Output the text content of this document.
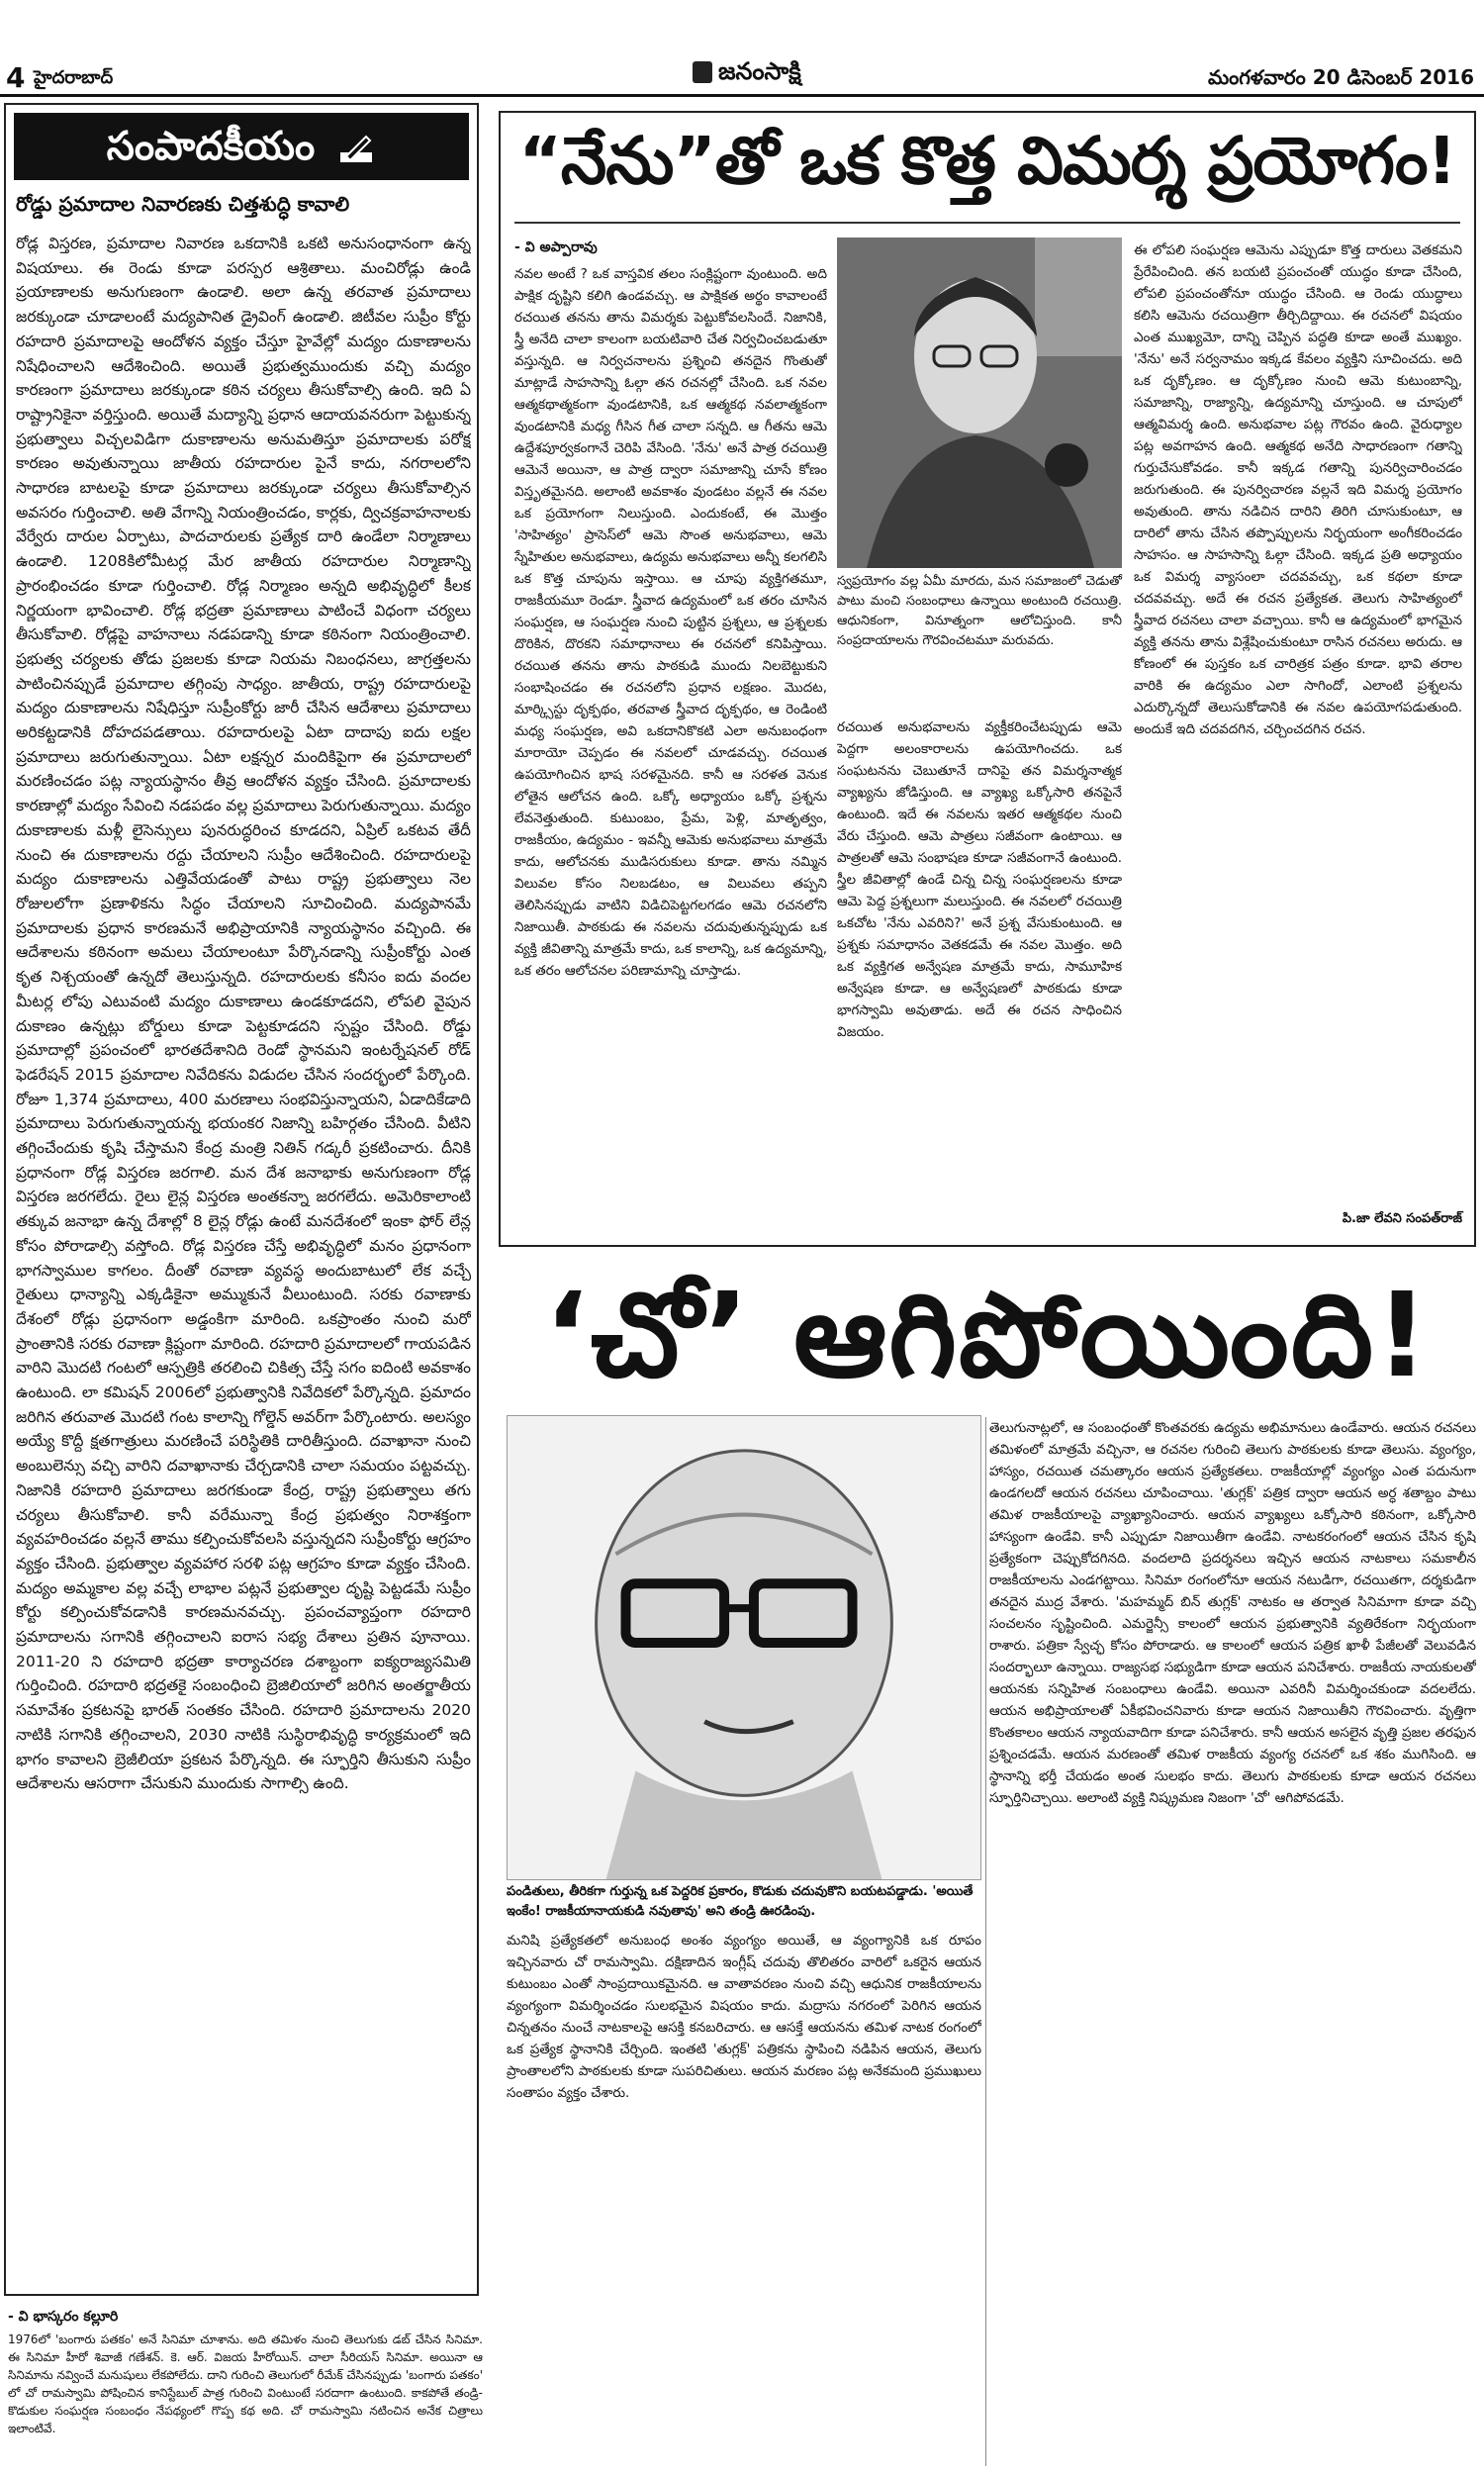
4 హైదరాబాద్	జనంసాక్షి	మంగళవారం 20 డిసెంబర్ 2016
సంపాదకీయం
రోడ్డు ప్రమాదాల నివారణకు చిత్తశుద్ధి కావాలి
రోడ్ల విస్తరణ, ప్రమాదాల నివారణ ఒకదానికి ఒకటి అనుసంధానంగా ఉన్న విషయాలు. ఈ రెండు కూడా పరస్పర ఆశ్రితాలు. మంచిరోడ్లు ఉండి ప్రయాణాలకు అనుగుణంగా ఉండాలి. అలా ఉన్న తరవాత ప్రమాదాలు జరక్కుండా చూడాలంటే మద్యపానిత డ్రైవింగ్ ఉండాలి. జిటీవల సుప్రీం కోర్టు రహదారి ప్రమాదాలపై ఆందోళన వ్యక్తం చేస్తూ హైవేల్లో మద్యం దుకాణాలను నిషేధించాలని ఆదేశించింది. అయితే ప్రభుత్వముందుకు వచ్చి మద్యం కారణంగా ప్రమాదాలు జరక్కుండా కఠిన చర్యలు తీసుకోవాల్సి ఉంది. ఇది ఏ రాష్ట్రానికైనా వర్తిస్తుంది. అయితే మద్యాన్ని ప్రధాన ఆదాయవనరుగా పెట్టుకున్న ప్రభుత్వాలు విచ్చలవిడిగా దుకాణాలను అనుమతిస్తూ ప్రమాదాలకు పరోక్ష కారణం అవుతున్నాయి జాతీయ రహదారుల పైనే కాదు, నగరాలలోని సాధారణ బాటలపై కూడా ప్రమాదాలు జరక్కుండా చర్యలు తీసుకోవాల్సిన అవసరం గుర్తించాలి. అతి వేగాన్ని నియంత్రించడం, కార్లకు, ద్విచక్రవాహనాలకు వేర్వేరు దారుల ఏర్పాటు, పాదచారులకు ప్రత్యేక దారి ఉండేలా నిర్మాణాలు ఉండాలి. 1208కిలోమీటర్ల మేర జాతీయ రహదారుల నిర్మాణాన్ని ప్రారంభించడం కూడా గుర్తించాలి. రోడ్ల నిర్మాణం అన్నది అభివృద్ధిలో కీలక నిర్ణయంగా భావించాలి. రోడ్ల భద్రతా ప్రమాణాలు పాటించే విధంగా చర్యలు తీసుకోవాలి. రోడ్లపై వాహనాలు నడపడాన్ని కూడా కఠినంగా నియంత్రించాలి. ప్రభుత్వ చర్యలకు తోడు ప్రజలకు కూడా నియమ నిబంధనలు, జాగ్రత్తలను పాటించినప్పుడే ప్రమాదాల తగ్గింపు సాధ్యం. జాతీయ, రాష్ట్ర రహదారులపై మద్యం దుకాణాలను నిషేధిస్తూ సుప్రీంకోర్టు జారీ చేసిన ఆదేశాలు ప్రమాదాలు అరికట్టడానికి దోహదపడతాయి. రహదారులపై ఏటా దాదాపు ఐదు లక్షల ప్రమాదాలు జరుగుతున్నాయి. ఏటా లక్షన్నర మందికిపైగా ఈ ప్రమాదాలలో మరణించడం పట్ల న్యాయస్థానం తీవ్ర ఆందోళన వ్యక్తం చేసింది. ప్రమాదాలకు కారణాల్లో మద్యం సేవించి నడపడం వల్ల ప్రమాదాలు పెరుగుతున్నాయి. మద్యం దుకాణాలకు మళ్లీ లైసెన్సులు పునరుద్ధరించ కూడదని, ఏప్రిల్ ఒకటవ తేదీ నుంచి ఈ దుకాణాలను రద్దు చేయాలని సుప్రీం ఆదేశించింది. రహదారులపై మద్యం దుకాణాలను ఎత్తివేయడంతో పాటు రాష్ట్ర ప్రభుత్వాలు నెల రోజులలోగా ప్రణాళికను సిద్ధం చేయాలని సూచించింది. మద్యపానమే ప్రమాదాలకు ప్రధాన కారణమనే అభిప్రాయానికి న్యాయస్థానం వచ్చింది. ఈ ఆదేశాలను కఠినంగా అమలు చేయాలంటూ పేర్కొనడాన్ని సుప్రీంకోర్టు ఎంత కృత నిశ్చయంతో ఉన్నదో తెలుస్తున్నది. రహదారులకు కనీసం ఐదు వందల మీటర్ల లోపు ఎటువంటి మద్యం దుకాణాలు ఉండకూడదని, లోపలి వైపున దుకాణం ఉన్నట్లు బోర్డులు కూడా పెట్టకూడదని స్పష్టం చేసింది. రోడ్డు ప్రమాదాల్లో ప్రపంచంలో భారతదేశానిది రెండో స్థానమని ఇంటర్నేషనల్ రోడ్ ఫెడరేషన్ 2015 ప్రమాదాల నివేదికను విడుదల చేసిన సందర్భంలో పేర్కొంది. రోజూ 1,374 ప్రమాదాలు, 400 మరణాలు సంభవిస్తున్నాయని, ఏడాదికేడాది ప్రమాదాలు పెరుగుతున్నాయన్న భయంకర నిజాన్ని బహిర్గతం చేసింది. వీటిని తగ్గించేందుకు కృషి చేస్తామని కేంద్ర మంత్రి నితిన్ గడ్కరీ ప్రకటించారు. దీనికి ప్రధానంగా రోడ్ల విస్తరణ జరగాలి. మన దేశ జనాభాకు అనుగుణంగా రోడ్ల విస్తరణ జరగలేదు. రైలు లైన్ల విస్తరణ అంతకన్నా జరగలేదు. అమెరికాలాంటి తక్కువ జనాభా ఉన్న దేశాల్లో 8 లైన్ల రోడ్లు ఉంటే మనదేశంలో ఇంకా ఫోర్ లేన్ల కోసం పోరాడాల్సి వస్తోంది. రోడ్ల విస్తరణ చేస్తే అభివృద్ధిలో మనం ప్రధానంగా భాగస్వాముల కాగలం. దీంతో రవాణా వ్యవస్థ అందుబాటులో లేక వచ్చే రైతులు ధాన్యాన్ని ఎక్కడికైనా అమ్ముకునే వీలుంటుంది. సరకు రవాణాకు దేశంలో రోడ్లు ప్రధానంగా అడ్డంకిగా మారింది. ఒకప్రాంతం నుంచి మరో ప్రాంతానికి సరకు రవాణా క్లిష్టంగా మారింది. రహదారి ప్రమాదాలలో గాయపడిన వారిని మొదటి గంటలో ఆస్పత్రికి తరలించి చికిత్స చేస్తే సగం ఐదింటి అవకాశం ఉంటుంది. లా కమిషన్ 2006లో ప్రభుత్వానికి నివేదికలో పేర్కొన్నది. ప్రమాదం జరిగిన తరువాత మొదటి గంట కాలాన్ని గోల్డెన్ అవర్‌గా పేర్కొంటారు. అలస్యం అయ్యే కొద్దీ క్షతగాత్రులు మరణించే పరిస్థితికి దారితీస్తుంది. దవాఖానా నుంచి అంబులెన్సు వచ్చి వారిని దవాఖానాకు చేర్చడానికి చాలా సమయం పట్టవచ్చు. నిజానికి రహదారి ప్రమాదాలు జరగకుండా కేంద్ర, రాష్ట్ర ప్రభుత్వాలు తగు చర్యలు తీసుకోవాలి. కానీ వరేమున్నా కేంద్ర ప్రభుత్వం నిరాశక్తంగా వ్యవహరించడం వల్లనే తాము కల్పించుకోవలసి వస్తున్నదని సుప్రీంకోర్టు ఆగ్రహం వ్యక్తం చేసింది. ప్రభుత్వాల వ్యవహార సరళి పట్ల ఆగ్రహం కూడా వ్యక్తం చేసింది. మద్యం అమ్మకాల వల్ల వచ్చే లాభాల పట్లనే ప్రభుత్వాల దృష్టి పెట్టడమే సుప్రీం కోర్టు కల్పించుకోవడానికి కారణమనవచ్చు. ప్రపంచవ్యాప్తంగా రహదారి ప్రమాదాలను సగానికి తగ్గించాలని ఐరాస సభ్య దేశాలు ప్రతిన పూనాయి. 2011-20 ని రహదారి భద్రతా కార్యాచరణ దశాబ్దంగా ఐక్యరాజ్యసమితి గుర్తించింది. రహదారి భద్రతకై సంబంధించి బ్రెజిలియాలో జరిగిన అంతర్జాతీయ సమావేశం ప్రకటనపై భారత్ సంతకం చేసింది. రహదారి ప్రమాదాలను 2020 నాటికి సగానికి తగ్గించాలని, 2030 నాటికి సుస్థిరాభివృద్ధి కార్యక్రమంలో ఇది భాగం కావాలని బ్రెజీలియా ప్రకటన పేర్కొన్నది. ఈ స్ఫూర్తిని తీసుకుని సుప్రీం ఆదేశాలను ఆసరాగా చేసుకుని ముందుకు సాగాల్సి ఉంది.
- వి భాస్కరం కల్లూరి
1976లో 'బంగారు పతకం' అనే సినిమా చూశాను. అది తమిళం నుంచి తెలుగుకు డబ్ చేసిన సినిమా. ఈ సినిమా హీరో శివాజీ గణేశన్. కె. ఆర్. విజయ హీరోయిన్. చాలా సీరియస్ సినిమా. అయినా ఆ సినిమాను నవ్వించే మనుషులు లేకపోలేదు. దాని గురించి తెలుగులో రీమేక్ చేసినప్పుడు 'బంగారు పతకం' లో చో రామస్వామి పోషించిన కానిస్టేబుల్ పాత్ర గురించి వింటుంటే సరదాగా ఉంటుంది. కాకపోతే తండ్రి-కొడుకుల సంఘర్షణ సంబంధం నేపథ్యంలో గొప్ప కథ అది. చో రామస్వామి నటించిన అనేక చిత్రాలు ఇలాంటివే.
“నేను”తో ఒక కొత్త విమర్శ ప్రయోగం!
- వి అప్పారావు
నవల అంటే ? ఒక వాస్తవిక తలం సంక్లిష్టంగా వుంటుంది. అది పాక్షిక దృష్టిని కలిగి ఉండవచ్చు. ఆ పాక్షికత అర్థం కావాలంటే రచయిత తనను తాను విమర్శకు పెట్టుకోవలసిందే. నిజానికి, స్త్రీ అనేది చాలా కాలంగా బయటివారి చేత నిర్వచించబడుతూ వస్తున్నది. ఆ నిర్వచనాలను ప్రశ్నించి తనదైన గొంతుతో మాట్లాడే సాహసాన్ని ఓల్గా తన రచనల్లో చేసింది. ఒక నవల ఆత్మకథాత్మకంగా వుండటానికి, ఒక ఆత్మకథ నవలాత్మకంగా వుండటానికి మధ్య గీసిన గీత చాలా సన్నది. ఆ గీతను ఆమె ఉద్దేశపూర్వకంగానే చెరిపి వేసింది. 'నేను' అనే పాత్ర రచయిత్రి ఆమెనే అయినా, ఆ పాత్ర ద్వారా సమాజాన్ని చూసే కోణం విస్తృతమైనది. అలాంటి అవకాశం వుండటం వల్లనే ఈ నవల ఒక ప్రయోగంగా నిలుస్తుంది. ఎందుకంటే, ఈ మొత్తం 'సాహిత్యం' ప్రాసెస్‌లో ఆమె సొంత అనుభవాలు, ఆమె స్నేహితుల అనుభవాలు, ఉద్యమ అనుభవాలు అన్నీ కలగలిసి ఒక కొత్త చూపును ఇస్తాయి. ఆ చూపు వ్యక్తిగతమూ, రాజకీయమూ రెండూ. స్త్రీవాద ఉద్యమంలో ఒక తరం చూసిన సంఘర్షణ, ఆ సంఘర్షణ నుంచి పుట్టిన ప్రశ్నలు, ఆ ప్రశ్నలకు దొరికిన, దొరకని సమాధానాలు ఈ రచనలో కనిపిస్తాయి. రచయిత తనను తాను పాఠకుడి ముందు నిలబెట్టుకుని సంభాషించడం ఈ రచనలోని ప్రధాన లక్షణం. మొదట, మార్క్సిస్టు దృక్పథం, తరవాత స్త్రీవాద దృక్పథం, ఆ రెండింటి మధ్య సంఘర్షణ, అవి ఒకదానికొకటి ఎలా అనుబంధంగా మారాయో చెప్పడం ఈ నవలలో చూడవచ్చు. రచయిత ఉపయోగించిన భాష సరళమైనది. కానీ ఆ సరళత వెనుక లోతైన ఆలోచన ఉంది. ఒక్కో అధ్యాయం ఒక్కో ప్రశ్నను లేవనెత్తుతుంది. కుటుంబం, ప్రేమ, పెళ్లి, మాతృత్వం, రాజకీయం, ఉద్యమం - ఇవన్నీ ఆమెకు అనుభవాలు మాత్రమే కాదు, ఆలోచనకు ముడిసరుకులు కూడా. తాను నమ్మిన విలువల కోసం నిలబడటం, ఆ విలువలు తప్పని తెలిసినప్పుడు వాటిని విడిచిపెట్టగలగడం ఆమె రచనలోని నిజాయితీ. పాఠకుడు ఈ నవలను చదువుతున్నప్పుడు ఒక వ్యక్తి జీవితాన్ని మాత్రమే కాదు, ఒక కాలాన్ని, ఒక ఉద్యమాన్ని, ఒక తరం ఆలోచనల పరిణామాన్ని చూస్తాడు.
స్వప్రయోగం వల్ల ఏమీ మారదు, మన సమాజంలో చెడుతో పాటు మంచి సంబంధాలు ఉన్నాయి అంటుంది రచయిత్రి. ఆధునికంగా, వినూత్నంగా ఆలోచిస్తుంది. కానీ సంప్రదాయాలను గౌరవించటమూ మరువదు.
రచయిత అనుభవాలను వ్యక్తీకరించేటప్పుడు ఆమె పెద్దగా అలంకారాలను ఉపయోగించదు. ఒక సంఘటనను చెబుతూనే దానిపై తన విమర్శనాత్మక వ్యాఖ్యను జోడిస్తుంది. ఆ వ్యాఖ్య ఒక్కోసారి తనపైనే ఉంటుంది. ఇదే ఈ నవలను ఇతర ఆత్మకథల నుంచి వేరు చేస్తుంది. ఆమె పాత్రలు సజీవంగా ఉంటాయి. ఆ పాత్రలతో ఆమె సంభాషణ కూడా సజీవంగానే ఉంటుంది. స్త్రీల జీవితాల్లో ఉండే చిన్న చిన్న సంఘర్షణలను కూడా ఆమె పెద్ద ప్రశ్నలుగా మలుస్తుంది. ఈ నవలలో రచయిత్రి ఒకచోట 'నేను ఎవరిని?' అనే ప్రశ్న వేసుకుంటుంది. ఆ ప్రశ్నకు సమాధానం వెతకడమే ఈ నవల మొత్తం. అది ఒక వ్యక్తిగత అన్వేషణ మాత్రమే కాదు, సామూహిక అన్వేషణ కూడా. ఆ అన్వేషణలో పాఠకుడు కూడా భాగస్వామి అవుతాడు. అదే ఈ రచన సాధించిన విజయం.
ఈ లోపలి సంఘర్షణ ఆమెను ఎప్పుడూ కొత్త దారులు వెతకమని ప్రేరేపించింది. తన బయటి ప్రపంచంతో యుద్ధం కూడా చేసింది, లోపలి ప్రపంచంతోనూ యుద్ధం చేసింది. ఆ రెండు యుద్ధాలు కలిసి ఆమెను రచయిత్రిగా తీర్చిదిద్దాయి. ఈ రచనలో విషయం ఎంత ముఖ్యమో, దాన్ని చెప్పిన పద్ధతి కూడా అంతే ముఖ్యం. 'నేను' అనే సర్వనామం ఇక్కడ కేవలం వ్యక్తిని సూచించదు. అది ఒక దృక్కోణం. ఆ దృక్కోణం నుంచి ఆమె కుటుంబాన్ని, సమాజాన్ని, రాజ్యాన్ని, ఉద్యమాన్ని చూస్తుంది. ఆ చూపులో ఆత్మవిమర్శ ఉంది. అనుభవాల పట్ల గౌరవం ఉంది. వైరుధ్యాల పట్ల అవగాహన ఉంది. ఆత్మకథ అనేది సాధారణంగా గతాన్ని గుర్తుచేసుకోవడం. కానీ ఇక్కడ గతాన్ని పునర్విచారించడం జరుగుతుంది. ఈ పునర్విచారణ వల్లనే ఇది విమర్శ ప్రయోగం అవుతుంది. తాను నడిచిన దారిని తిరిగి చూసుకుంటూ, ఆ దారిలో తాను చేసిన తప్పొప్పులను నిర్భయంగా అంగీకరించడం సాహసం. ఆ సాహసాన్ని ఓల్గా చేసింది. ఇక్కడ ప్రతి అధ్యాయం ఒక విమర్శ వ్యాసంలా చదవవచ్చు, ఒక కథలా కూడా చదవవచ్చు. అదే ఈ రచన ప్రత్యేకత. తెలుగు సాహిత్యంలో స్త్రీవాద రచనలు చాలా వచ్చాయి. కానీ ఆ ఉద్యమంలో భాగమైన వ్యక్తి తనను తాను విశ్లేషించుకుంటూ రాసిన రచనలు అరుదు. ఆ కోణంలో ఈ పుస్తకం ఒక చారిత్రక పత్రం కూడా. భావి తరాల వారికి ఈ ఉద్యమం ఎలా సాగిందో, ఎలాంటి ప్రశ్నలను ఎదుర్కొన్నదో తెలుసుకోడానికి ఈ నవల ఉపయోగపడుతుంది. అందుకే ఇది చదవదగిన, చర్చించదగిన రచన.
పి.జా లేవని సంపత్‌రాజ్
‘చో’ ఆగిపోయింది!
పండితులు, తీరికగా గుర్తున్న ఒక పెద్దరిక ప్రకారం, కొడుకు చదువుకొని బయటపడ్డాడు. 'అయితే ఇంకేం! రాజకీయానాయకుడి నవుతావు' అని తండ్రి ఊరడింపు.
మనిషి ప్రత్యేకతలో అనుబంధ అంశం వ్యంగ్యం అయితే, ఆ వ్యంగ్యానికి ఒక రూపం ఇచ్చినవారు చో రామస్వామి. దక్షిణాదిన ఇంగ్లీష్ చదువు తొలితరం వారిలో ఒకరైన ఆయన కుటుంబం ఎంతో సాంప్రదాయికమైనది. ఆ వాతావరణం నుంచి వచ్చి ఆధునిక రాజకీయాలను వ్యంగ్యంగా విమర్శించడం సులభమైన విషయం కాదు. మద్రాసు నగరంలో పెరిగిన ఆయన చిన్నతనం నుంచే నాటకాలపై ఆసక్తి కనబరిచారు. ఆ ఆసక్తే ఆయనను తమిళ నాటక రంగంలో ఒక ప్రత్యేక స్థానానికి చేర్చింది. ఇంతటి 'తుగ్లక్' పత్రికను స్థాపించి నడిపిన ఆయన, తెలుగు ప్రాంతాలలోని పాఠకులకు కూడా సుపరిచితులు. ఆయన మరణం పట్ల అనేకమంది ప్రముఖులు సంతాపం వ్యక్తం చేశారు.
తెలుగునాట్లలో, ఆ సంబంధంతో కొంతవరకు ఉద్యమ అభిమానులు ఉండేవారు. ఆయన రచనలు తమిళంలో మాత్రమే వచ్చినా, ఆ రచనల గురించి తెలుగు పాఠకులకు కూడా తెలుసు. వ్యంగ్యం, హాస్యం, రచయిత చమత్కారం ఆయన ప్రత్యేకతలు. రాజకీయాల్లో వ్యంగ్యం ఎంత పదునుగా ఉండగలదో ఆయన రచనలు చూపించాయి. 'తుగ్లక్' పత్రిక ద్వారా ఆయన అర్ధ శతాబ్దం పాటు తమిళ రాజకీయాలపై వ్యాఖ్యానించారు. ఆయన వ్యాఖ్యలు ఒక్కోసారి కఠినంగా, ఒక్కోసారి హాస్యంగా ఉండేవి. కానీ ఎప్పుడూ నిజాయితీగా ఉండేవి. నాటకరంగంలో ఆయన చేసిన కృషి ప్రత్యేకంగా చెప్పుకోదగినది. వందలాది ప్రదర్శనలు ఇచ్చిన ఆయన నాటకాలు సమకాలీన రాజకీయాలను ఎండగట్టాయి. సినిమా రంగంలోనూ ఆయన నటుడిగా, రచయితగా, దర్శకుడిగా తనదైన ముద్ర వేశారు. 'మహమ్మద్ బిన్ తుగ్లక్' నాటకం ఆ తర్వాత సినిమాగా కూడా వచ్చి సంచలనం సృష్టించింది. ఎమర్జెన్సీ కాలంలో ఆయన ప్రభుత్వానికి వ్యతిరేకంగా నిర్భయంగా రాశారు. పత్రికా స్వేచ్ఛ కోసం పోరాడారు. ఆ కాలంలో ఆయన పత్రిక ఖాళీ పేజీలతో వెలువడిన సందర్భాలూ ఉన్నాయి. రాజ్యసభ సభ్యుడిగా కూడా ఆయన పనిచేశారు. రాజకీయ నాయకులతో ఆయనకు సన్నిహిత సంబంధాలు ఉండేవి. అయినా ఎవరినీ విమర్శించకుండా వదలలేదు. ఆయన అభిప్రాయాలతో ఏకీభవించనివారు కూడా ఆయన నిజాయితీని గౌరవించారు. వృత్తిగా కొంతకాలం ఆయన న్యాయవాదిగా కూడా పనిచేశారు. కానీ ఆయన అసలైన వృత్తి ప్రజల తరఫున ప్రశ్నించడమే. ఆయన మరణంతో తమిళ రాజకీయ వ్యంగ్య రచనలో ఒక శకం ముగిసింది. ఆ స్థానాన్ని భర్తీ చేయడం అంత సులభం కాదు. తెలుగు పాఠకులకు కూడా ఆయన రచనలు స్ఫూర్తినిచ్చాయి. అలాంటి వ్యక్తి నిష్క్రమణ నిజంగా 'చో' ఆగిపోవడమే.
